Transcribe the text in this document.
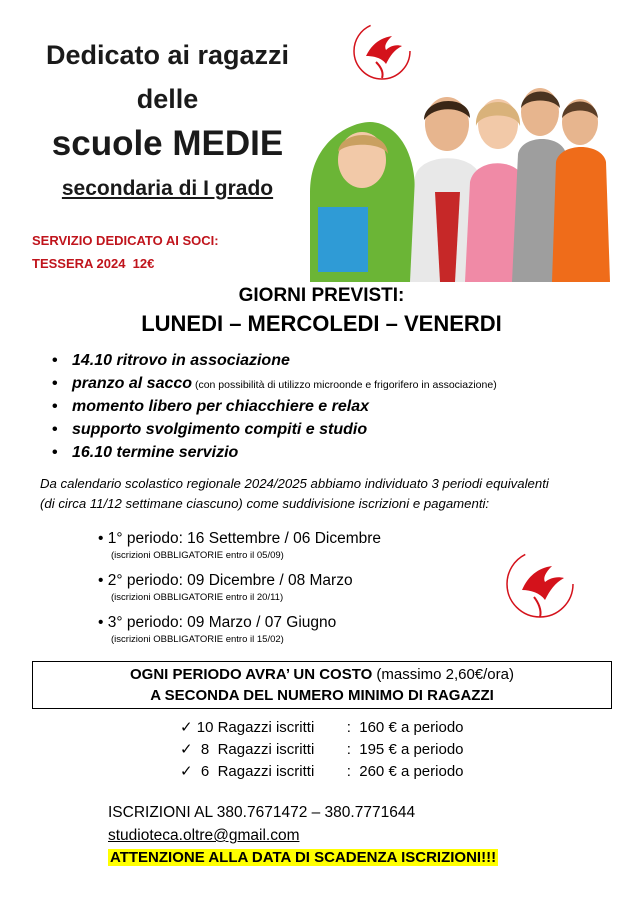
Dedicato ai ragazzi
delle
scuole MEDIE
secondaria di I grado
SERVIZIO DEDICATO AI SOCI:
TESSERA 2024  12€
GIORNI PREVISTI:
LUNEDI – MERCOLEDI – VENERDI
• 14.10 ritrovo in associazione
• pranzo al sacco (con possibilità di utilizzo microonde e frigorifero in associazione)
• momento libero per chiacchiere e relax
• supporto svolgimento compiti e studio
• 16.10 termine servizio
Da calendario scolastico regionale 2024/2025 abbiamo individuato 3 periodi equivalenti
(di circa 11/12 settimane ciascuno) come suddivisione iscrizioni e pagamenti:
• 1° periodo: 16 Settembre / 06 Dicembre
(iscrizioni OBBLIGATORIE entro il 05/09)
• 2° periodo: 09 Dicembre / 08 Marzo
(iscrizioni OBBLIGATORIE entro il 20/11)
• 3° periodo: 09 Marzo / 07 Giugno
(iscrizioni OBBLIGATORIE entro il 15/02)
OGNI PERIODO AVRA’ UN COSTO (massimo 2,60€/ora)
A SECONDA DEL NUMERO MINIMO DI RAGAZZI
✓ 10 Ragazzi iscritti :  160 € a periodo
✓  8  Ragazzi iscritti :  195 € a periodo
✓  6  Ragazzi iscritti :  260 € a periodo
ISCRIZIONI AL 380.7671472 – 380.7771644
studioteca.oltre@gmail.com
ATTENZIONE ALLA DATA DI SCADENZA ISCRIZIONI!!!
